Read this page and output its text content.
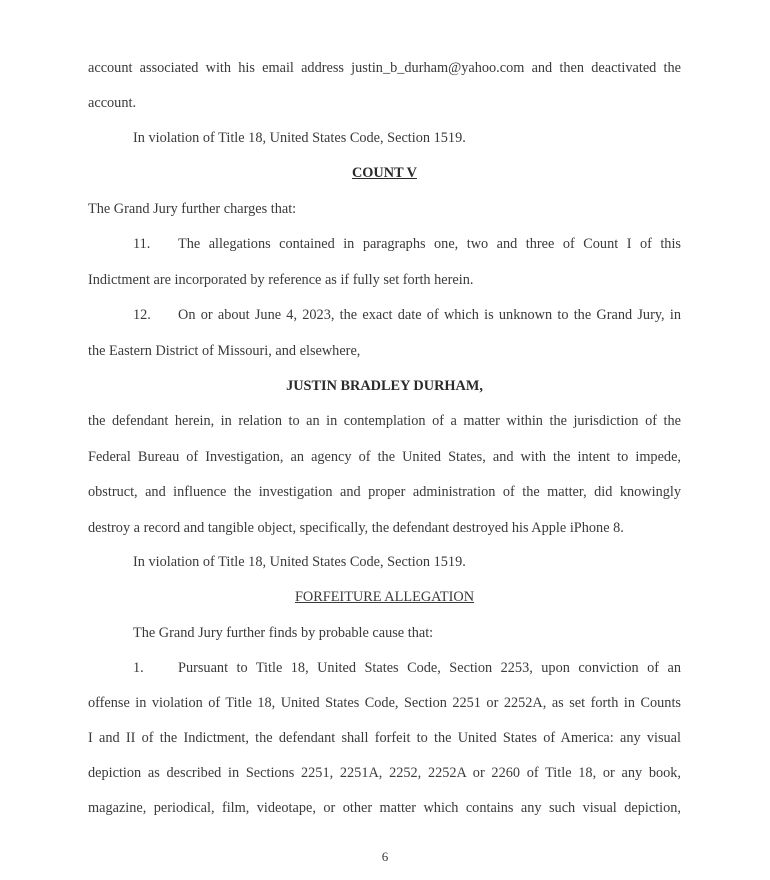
account associated with his email address justin_b_durham@yahoo.com and then deactivated the
account.
In violation of Title 18, United States Code, Section 1519.
COUNT V
The Grand Jury further charges that:
11. The allegations contained in paragraphs one, two and three of Count I of this
Indictment are incorporated by reference as if fully set forth herein.
12. On or about June 4, 2023, the exact date of which is unknown to the Grand Jury, in
the Eastern District of Missouri, and elsewhere,
JUSTIN BRADLEY DURHAM,
the defendant herein, in relation to an in contemplation of a matter within the jurisdiction of the
Federal Bureau of Investigation, an agency of the United States, and with the intent to impede,
obstruct, and influence the investigation and proper administration of the matter, did knowingly
destroy a record and tangible object, specifically, the defendant destroyed his Apple iPhone 8.
In violation of Title 18, United States Code, Section 1519.
FORFEITURE ALLEGATION
The Grand Jury further finds by probable cause that:
1. Pursuant to Title 18, United States Code, Section 2253, upon conviction of an
offense in violation of Title 18, United States Code, Section 2251 or 2252A, as set forth in Counts
I and II of the Indictment, the defendant shall forfeit to the United States of America: any visual
depiction as described in Sections 2251, 2251A, 2252, 2252A or 2260 of Title 18, or any book,
magazine, periodical, film, videotape, or other matter which contains any such visual depiction,
6
